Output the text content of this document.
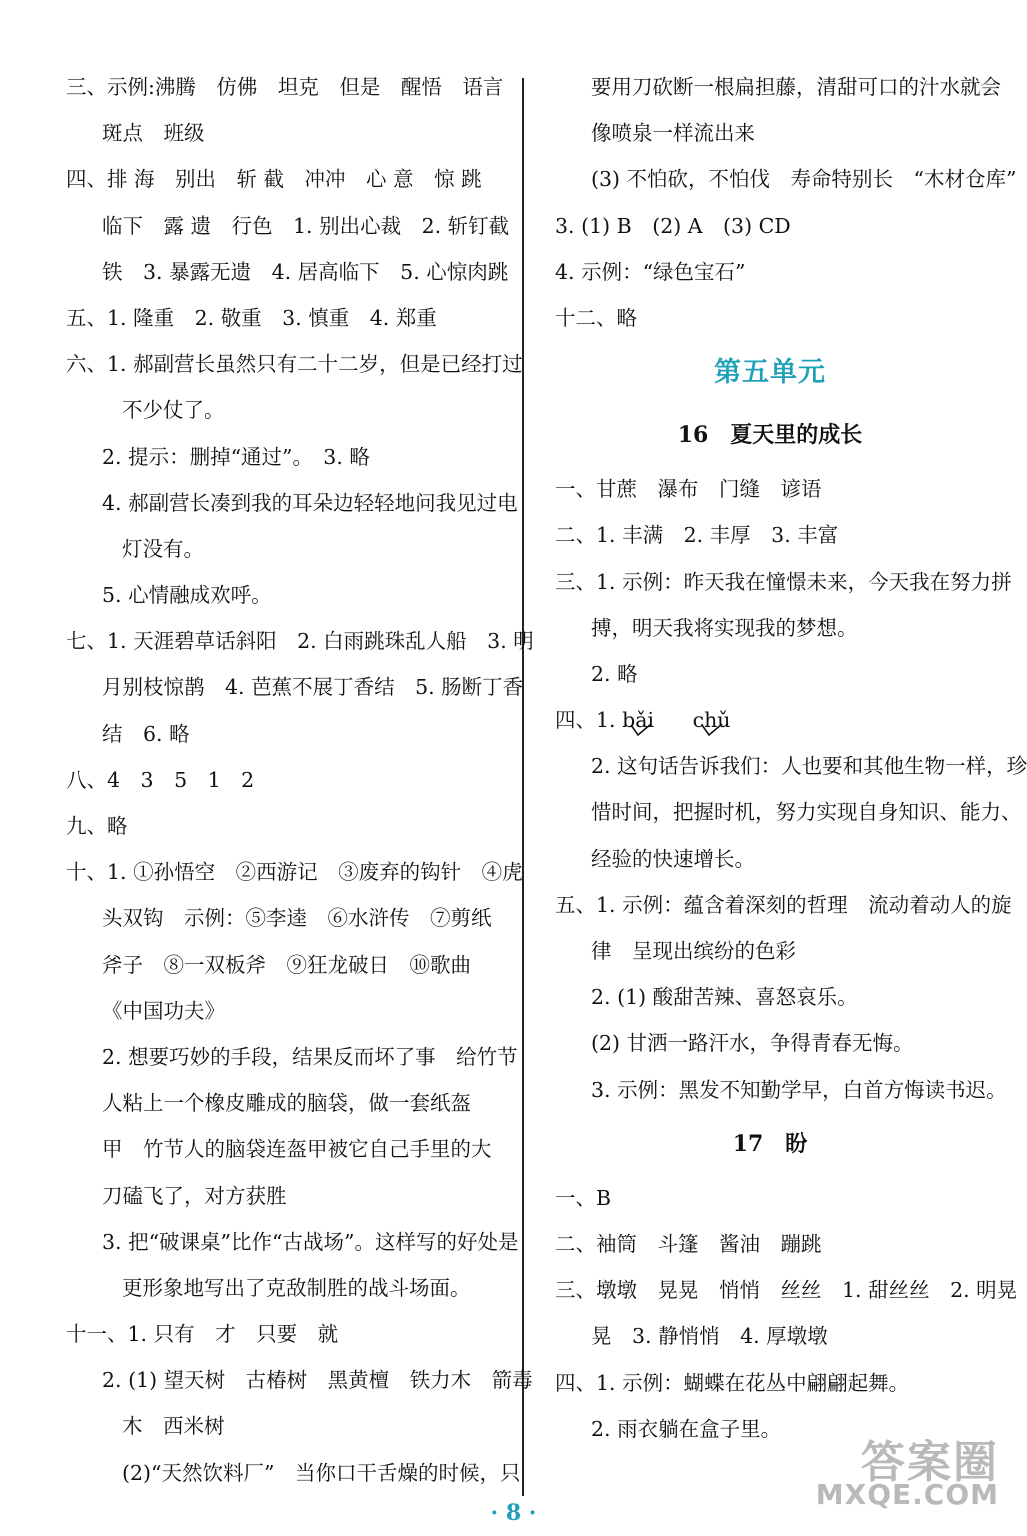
三、示例:沸腾　仿佛　坦克　但是　醒悟　语言
斑点　班级
四、排 海　别出　斩 截　冲冲　心 意　惊 跳
临下　露 遗　行色　1. 别出心裁　2. 斩钉截
铁　3. 暴露无遗　4. 居高临下　5. 心惊肉跳
五、1. 隆重　2. 敬重　3. 慎重　4. 郑重
六、1. 郝副营长虽然只有二十二岁，但是已经打过
不少仗了。
2. 提示：删掉“通过”。　3. 略
4. 郝副营长凑到我的耳朵边轻轻地问我见过电
灯没有。
5. 心情融成欢呼。
七、1. 天涯碧草话斜阳　2. 白雨跳珠乱人船　3. 明
月别枝惊鹊　4. 芭蕉不展丁香结　5. 肠断丁香
结　6. 略
八、4　3　5　1　2
九、略
十、1. ①孙悟空　②西游记　③废弃的钩针　④虎
头双钩　示例：⑤李逵　⑥水浒传　⑦剪纸
斧子　⑧一双板斧　⑨狂龙破日　⑩歌曲
《中国功夫》
2. 想要巧妙的手段，结果反而坏了事　给竹节
人粘上一个橡皮雕成的脑袋，做一套纸盔
甲　竹节人的脑袋连盔甲被它自己手里的大
刀磕飞了，对方获胜
3. 把“破课桌”比作“古战场”。这样写的好处是
更形象地写出了克敌制胜的战斗场面。
十一、1. 只有　才　只要　就
2. (1) 望天树　古椿树　黑黄檀　铁力木　箭毒
木　西米树
(2)“天然饮料厂”　当你口干舌燥的时候，只
要用刀砍断一根扁担藤，清甜可口的汁水就会
像喷泉一样流出来
(3) 不怕砍，不怕伐　寿命特别长　“木材仓库”
3. (1) B　(2) A　(3) CD
4. 示例：“绿色宝石”
十二、略
第五单元
16　夏天里的成长
一、甘蔗　瀑布　门缝　谚语
二、1. 丰满　2. 丰厚　3. 丰富
三、1. 示例：昨天我在憧憬未来，今天我在努力拼
搏，明天我将实现我的梦想。
2. 略
四、1. bǎi chǔ
2. 这句话告诉我们：人也要和其他生物一样，珍
惜时间，把握时机，努力实现自身知识、能力、
经验的快速增长。
五、1. 示例：蕴含着深刻的哲理　流动着动人的旋
律　呈现出缤纷的色彩
2. (1) 酸甜苦辣、喜怒哀乐。
(2) 甘洒一路汗水，争得青春无悔。
3. 示例：黑发不知勤学早，白首方悔读书迟。
17　盼
一、B
二、袖筒　斗篷　酱油　蹦跳
三、墩墩　晃晃　悄悄　丝丝　1. 甜丝丝　2. 明晃
晃　3. 静悄悄　4. 厚墩墩
四、1. 示例：蝴蝶在花丛中翩翩起舞。
2. 雨衣躺在盒子里。
· 8 ·
答案圈
MXQE.COM
